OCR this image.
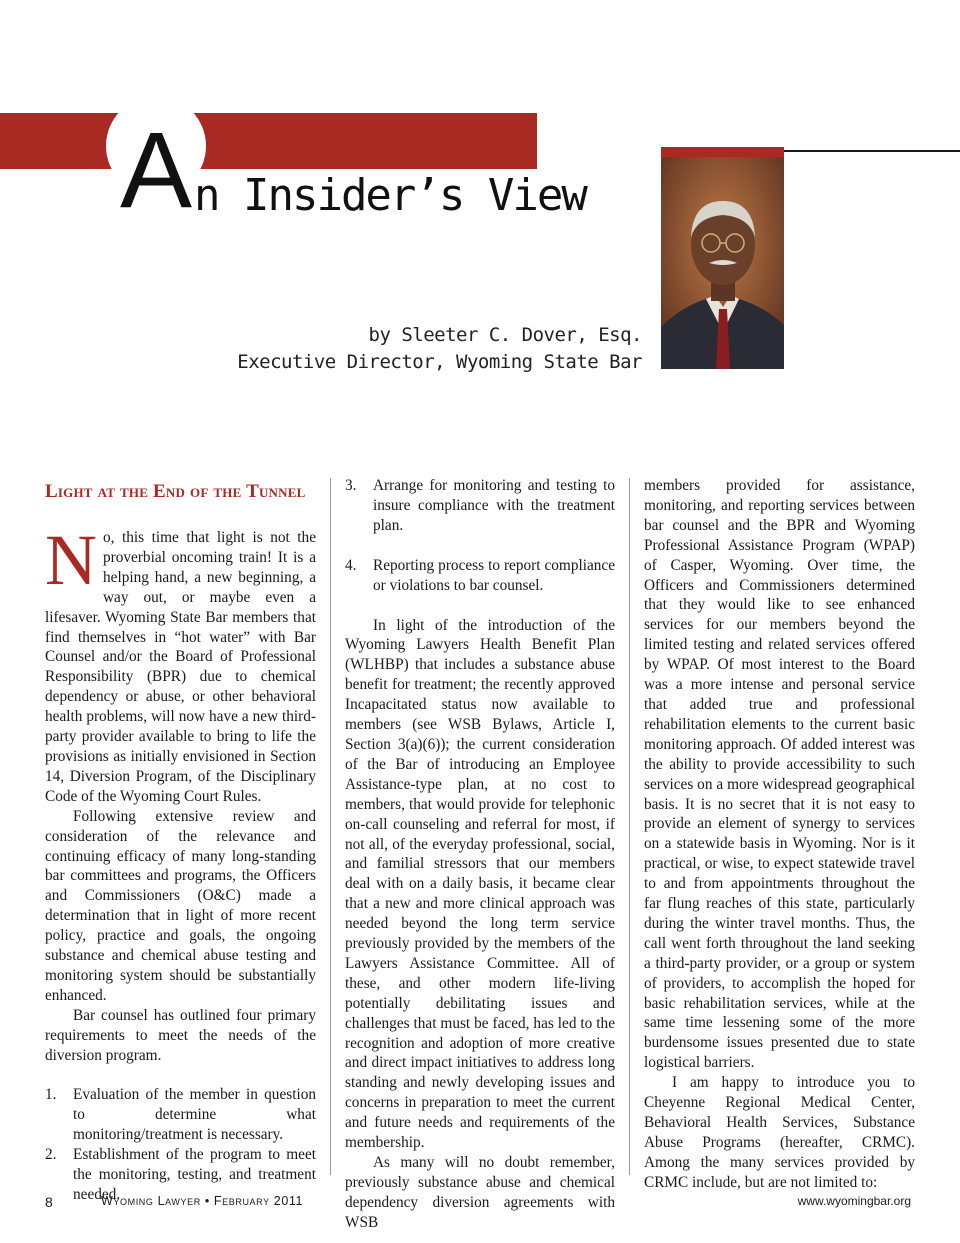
A n Insider’s View
by Sleeter C. Dover, Esq.
Executive Director, Wyoming State Bar
Light at the End of the Tunnel

N o, this time that light is not the proverbial oncoming train! It is a helping hand, a new beginning, a way out, or maybe even a lifesaver. Wyoming State Bar members that find themselves in “hot water” with Bar Counsel and/or the Board of Professional Responsibility (BPR) due to chemical dependency or abuse, or other behavioral health problems, will now have a new third-party provider available to bring to life the provisions as initially envisioned in Section 14, Diversion Program, of the Disciplinary Code of the Wyoming Court Rules.

Following extensive review and consideration of the relevance and continuing efficacy of many long-standing bar committees and programs, the Officers and Commissioners (O&C) made a determination that in light of more recent policy, practice and goals, the ongoing substance and chemical abuse testing and monitoring system should be substantially enhanced.

Bar counsel has outlined four primary requirements to meet the needs of the diversion program.

1. Evaluation of the member in question to determine what monitoring/treatment is necessary.
2. Establishment of the program to meet the monitoring, testing, and treatment needed.
3. Arrange for monitoring and testing to insure compliance with the treatment plan.
4. Reporting process to report compliance or violations to bar counsel.

In light of the introduction of the Wyoming Lawyers Health Benefit Plan (WLHBP) that includes a substance abuse benefit for treatment; the recently approved Incapacitated status now available to members (see WSB Bylaws, Article I, Section 3(a)(6)); the current consideration of the Bar of introducing an Employee Assistance-type plan, at no cost to members, that would provide for telephonic on-call counseling and referral for most, if not all, of the everyday professional, social, and familial stressors that our members deal with on a daily basis, it became clear that a new and more clinical approach was needed beyond the long term service previously provided by the members of the Lawyers Assistance Committee. All of these, and other modern life-living potentially debilitating issues and challenges that must be faced, has led to the recognition and adoption of more creative and direct impact initiatives to address long standing and newly developing issues and concerns in preparation to meet the current and future needs and requirements of the membership.

As many will no doubt remember, previously substance abuse and chemical dependency diversion agreements with WSB

members provided for assistance, monitoring, and reporting services between bar counsel and the BPR and Wyoming Professional Assistance Program (WPAP) of Casper, Wyoming. Over time, the Officers and Commissioners determined that they would like to see enhanced services for our members beyond the limited testing and related services offered by WPAP. Of most interest to the Board was a more intense and personal service that added true and professional rehabilitation elements to the current basic monitoring approach. Of added interest was the ability to provide accessibility to such services on a more widespread geographical basis. It is no secret that it is not easy to provide an element of synergy to services on a statewide basis in Wyoming. Nor is it practical, or wise, to expect statewide travel to and from appointments throughout the far flung reaches of this state, particularly during the winter travel months. Thus, the call went forth throughout the land seeking a third-party provider, or a group or system of providers, to accomplish the hoped for basic rehabilitation services, while at the same time lessening some of the more burdensome issues presented due to state logistical barriers.

I am happy to introduce you to Cheyenne Regional Medical Center, Behavioral Health Services, Substance Abuse Programs (hereafter, CRMC). Among the many services provided by CRMC include, but are not limited to:

8	Wyoming Lawyer • February 2011	www.wyomingbar.org
